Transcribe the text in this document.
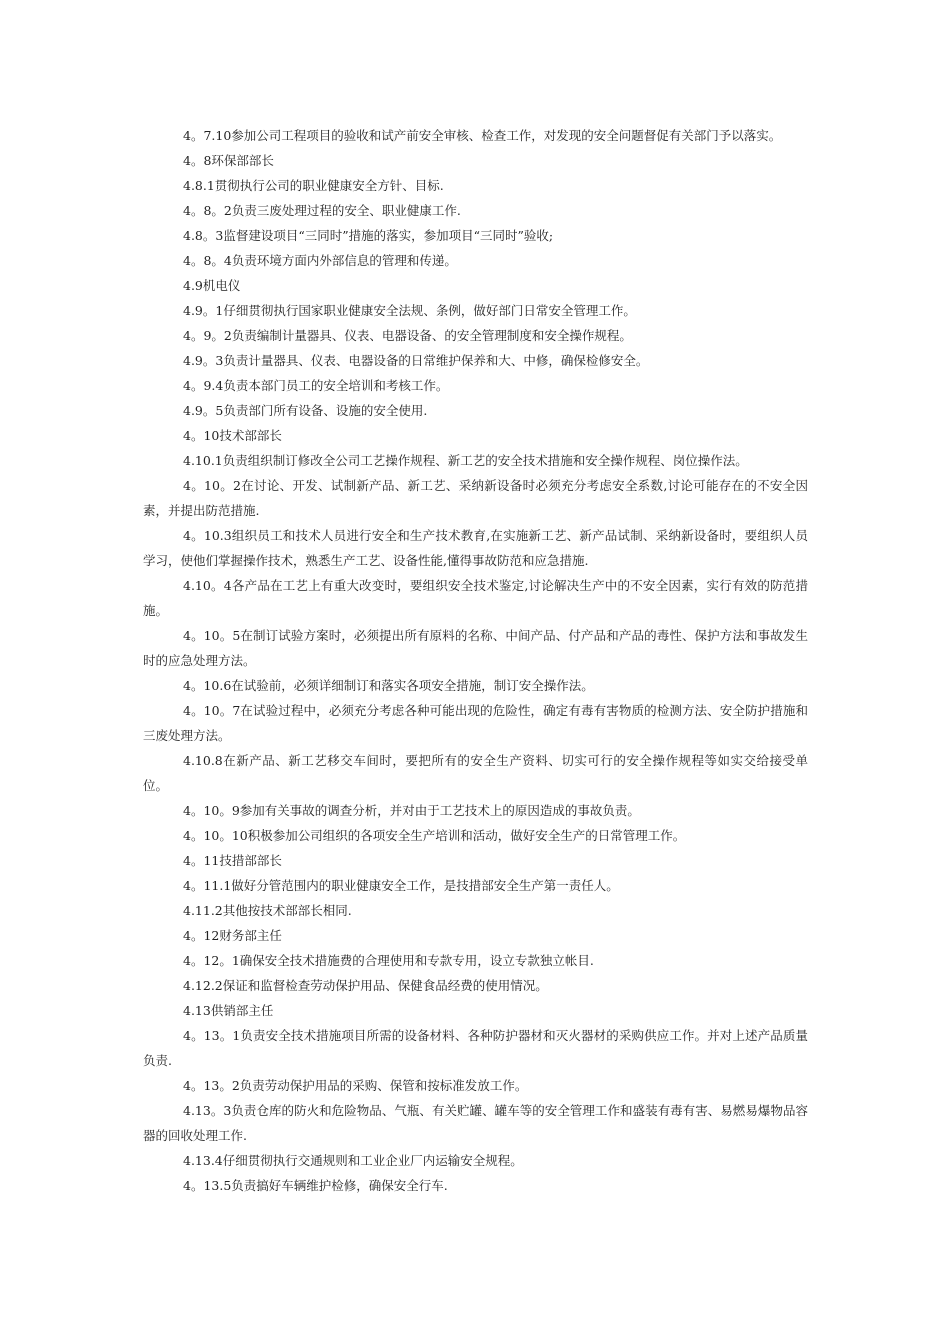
4。7.10参加公司工程项目的验收和试产前安全审核、检查工作，对发现的安全问题督促有关部门予以落实。

4。8环保部部长

4.8.1贯彻执行公司的职业健康安全方针、目标.

4。8。2负责三废处理过程的安全、职业健康工作.

4.8。3监督建设项目“三同时”措施的落实，参加项目“三同时”验收;

4。8。4负责环境方面内外部信息的管理和传递。

4.9机电仪

4.9。1仔细贯彻执行国家职业健康安全法规、条例，做好部门日常安全管理工作。

4。9。2负责编制计量器具、仪表、电器设备、的安全管理制度和安全操作规程。

4.9。3负责计量器具、仪表、电器设备的日常维护保养和大、中修，确保检修安全。

4。9.4负责本部门员工的安全培训和考核工作。

4.9。5负责部门所有设备、设施的安全使用.

4。10技术部部长

4.10.1负责组织制订修改全公司工艺操作规程、新工艺的安全技术措施和安全操作规程、岗位操作法。

4。10。2在讨论、开发、试制新产品、新工艺、采纳新设备时必须充分考虑安全系数,讨论可能存在的不安全因素，并提出防范措施.

4。10.3组织员工和技术人员进行安全和生产技术教育,在实施新工艺、新产品试制、采纳新设备时，要组织人员学习，使他们掌握操作技术，熟悉生产工艺、设备性能,懂得事故防范和应急措施.

4.10。4各产品在工艺上有重大改变时，要组织安全技术鉴定,讨论解决生产中的不安全因素，实行有效的防范措施。

4。10。5在制订试验方案时，必须提出所有原料的名称、中间产品、付产品和产品的毒性、保护方法和事故发生时的应急处理方法。

4。10.6在试验前，必须详细制订和落实各项安全措施，制订安全操作法。

4。10。7在试验过程中，必须充分考虑各种可能出现的危险性，确定有毒有害物质的检测方法、安全防护措施和三废处理方法。

4.10.8在新产品、新工艺移交车间时，要把所有的安全生产资料、切实可行的安全操作规程等如实交给接受单位。

4。10。9参加有关事故的调查分析，并对由于工艺技术上的原因造成的事故负责。

4。10。10积极参加公司组织的各项安全生产培训和活动，做好安全生产的日常管理工作。

4。11技措部部长

4。11.1做好分管范围内的职业健康安全工作，是技措部安全生产第一责任人。

4.11.2其他按技术部部长相同.

4。12财务部主任

4。12。1确保安全技术措施费的合理使用和专款专用，设立专款独立帐目.

4.12.2保证和监督检查劳动保护用品、保健食品经费的使用情况。

4.13供销部主任

4。13。1负责安全技术措施项目所需的设备材料、各种防护器材和灭火器材的采购供应工作。并对上述产品质量负责.

4。13。2负责劳动保护用品的采购、保管和按标准发放工作。

4.13。3负责仓库的防火和危险物品、气瓶、有关贮罐、罐车等的安全管理工作和盛装有毒有害、易燃易爆物品容器的回收处理工作.

4.13.4仔细贯彻执行交通规则和工业企业厂内运输安全规程。

4。13.5负责搞好车辆维护检修，确保安全行车.
